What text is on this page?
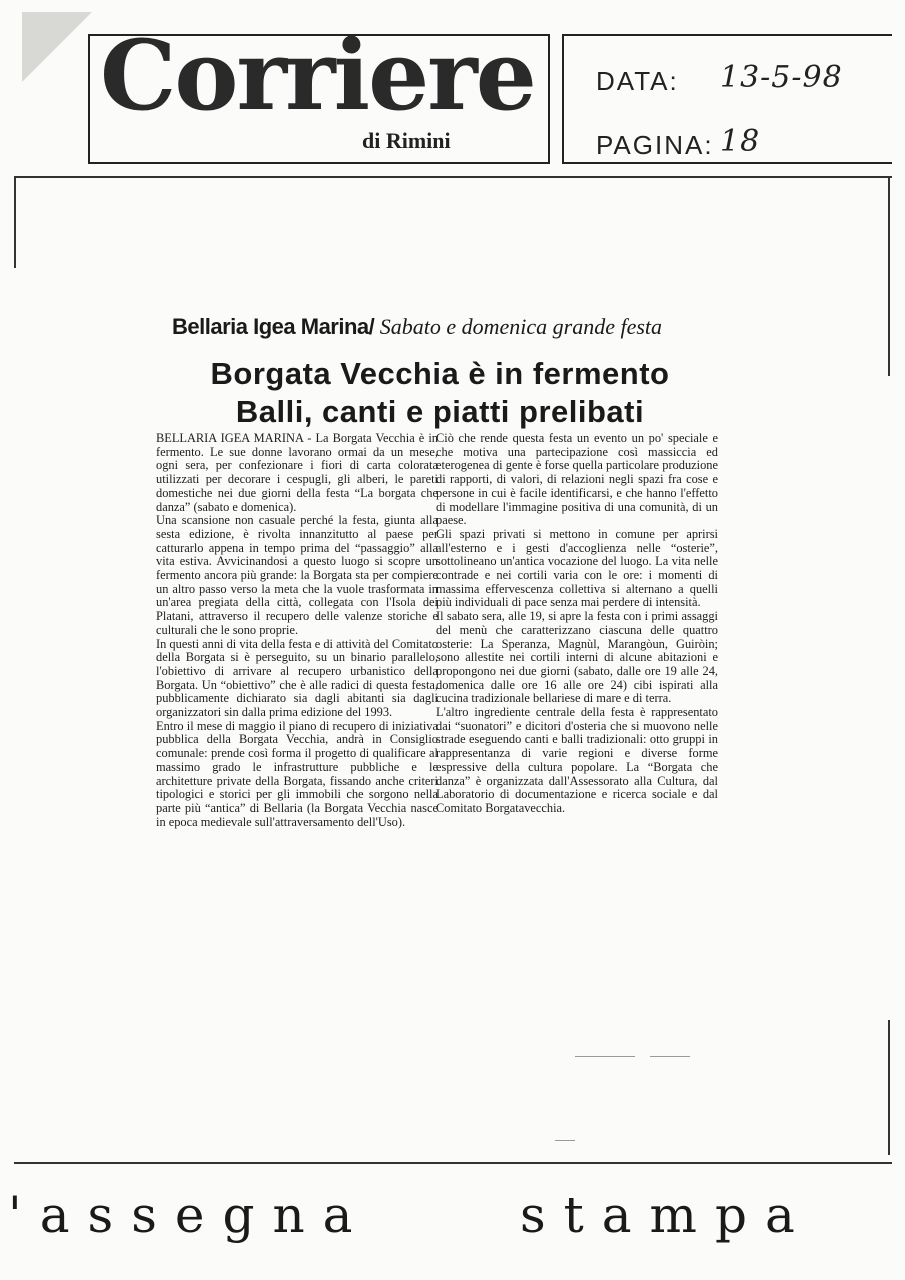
Corriere
di Rimini
DATA: 13-5-98
PAGINA: 18
Bellaria Igea Marina/ Sabato e domenica grande festa
Borgata Vecchia è in fermento
Balli, canti e piatti prelibati

BELLARIA IGEA MARINA - La Borgata Vecchia è in fermento. Le sue donne lavorano ormai da un mese, ogni sera, per confezionare i fiori di carta colorata utilizzati per decorare i cespugli, gli alberi, le pareti domestiche nei due giorni della festa “La borgata che danza” (sabato e domenica).

Una scansione non casuale perché la festa, giunta alla sesta edizione, è rivolta innanzitutto al paese per catturarlo appena in tempo prima del “passaggio” alla vita estiva. Avvicinandosi a questo luogo si scopre un fermento ancora più grande: la Borgata sta per compiere un altro passo verso la meta che la vuole trasformata in un'area pregiata della città, collegata con l'Isola dei Platani, attraverso il recupero delle valenze storiche e culturali che le sono proprie.

In questi anni di vita della festa e di attività del Comitato della Borgata si è perseguito, su un binario parallelo, l'obiettivo di arrivare al recupero urbanistico della Borgata. Un “obiettivo” che è alle radici di questa festa, pubblicamente dichiarato sia dagli abitanti sia dagli organizzatori sin dalla prima edizione del 1993.

Entro il mese di maggio il piano di recupero di iniziativa pubblica della Borgata Vecchia, andrà in Consiglio comunale: prende così forma il progetto di qualificare al massimo grado le infrastrutture pubbliche e le architetture private della Borgata, fissando anche criteri tipologici e storici per gli immobili che sorgono nella parte più “antica” di Bellaria (la Borgata Vecchia nasce in epoca medievale sull'attraversamento dell'Uso).

Ciò che rende questa festa un evento un po' speciale e che motiva una partecipazione così massiccia ed eterogenea di gente è forse quella particolare produzione di rapporti, di valori, di relazioni negli spazi fra cose e persone in cui è facile identificarsi, e che hanno l'effetto di modellare l'immagine positiva di una comunità, di un paese.

Gli spazi privati si mettono in comune per aprirsi all'esterno e i gesti d'accoglienza nelle “osterie”, sottolineano un'antica vocazione del luogo. La vita nelle contrade e nei cortili varia con le ore: i momenti di massima effervescenza collettiva si alternano a quelli più individuali di pace senza mai perdere di intensità.

Il sabato sera, alle 19, si apre la festa con i primi assaggi del menù che caratterizzano ciascuna delle quattro osterie: La Speranza, Magnùl, Marangòun, Guiròin; sono allestite nei cortili interni di alcune abitazioni e propongono nei due giorni (sabato, dalle ore 19 alle 24, domenica dalle ore 16 alle ore 24) cibi ispirati alla cucina tradizionale bellariese di mare e di terra.

L'altro ingrediente centrale della festa è rappresentato dai “suonatori” e dicitori d'osteria che si muovono nelle strade eseguendo canti e balli tradizionali: otto gruppi in rappresentanza di varie regioni e diverse forme espressive della cultura popolare. La “Borgata che danza” è organizzata dall'Assessorato alla Cultura, dal Laboratorio di documentazione e ricerca sociale e dal Comitato Borgatavecchia.

'assegna	stampa
